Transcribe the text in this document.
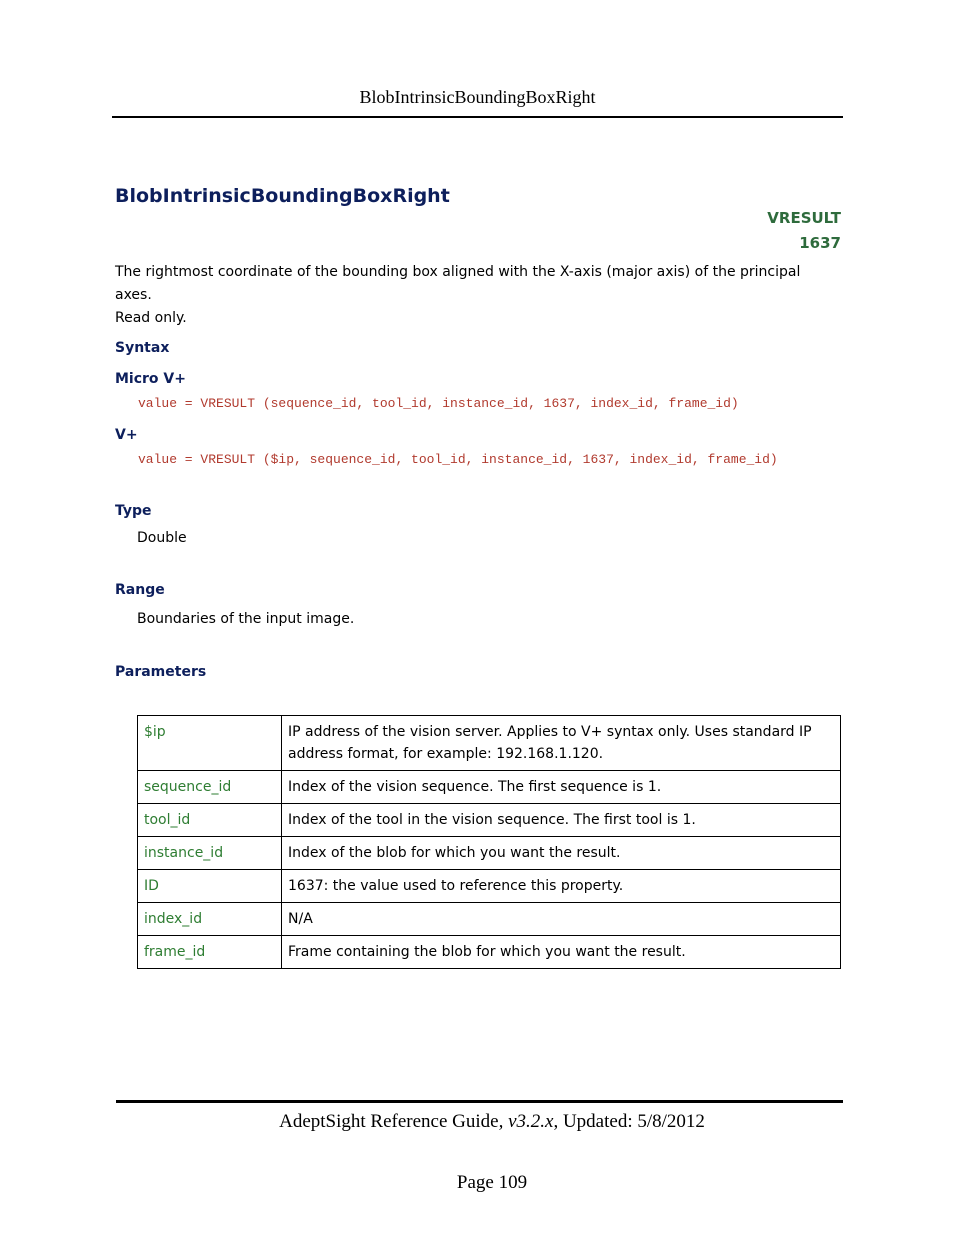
BlobIntrinsicBoundingBoxRight
BlobIntrinsicBoundingBoxRight
VRESULT
1637
The rightmost coordinate of the bounding box aligned with the X-axis (major axis) of the principal axes.
Read only.
Syntax
Micro V+
value = VRESULT (sequence_id, tool_id, instance_id, 1637, index_id, frame_id)
V+
value = VRESULT ($ip, sequence_id, tool_id, instance_id, 1637, index_id, frame_id)
Type
Double
Range
Boundaries of the input image.
Parameters
$ip	IP address of the vision server. Applies to V+ syntax only. Uses standard IP address format, for example: 192.168.1.120.
sequence_id	Index of the vision sequence. The first sequence is 1.
tool_id	Index of the tool in the vision sequence. The first tool is 1.
instance_id	Index of the blob for which you want the result.
ID	1637: the value used to reference this property.
index_id	N/A
frame_id	Frame containing the blob for which you want the result.
AdeptSight Reference Guide, v3.2.x, Updated: 5/8/2012
Page 109
